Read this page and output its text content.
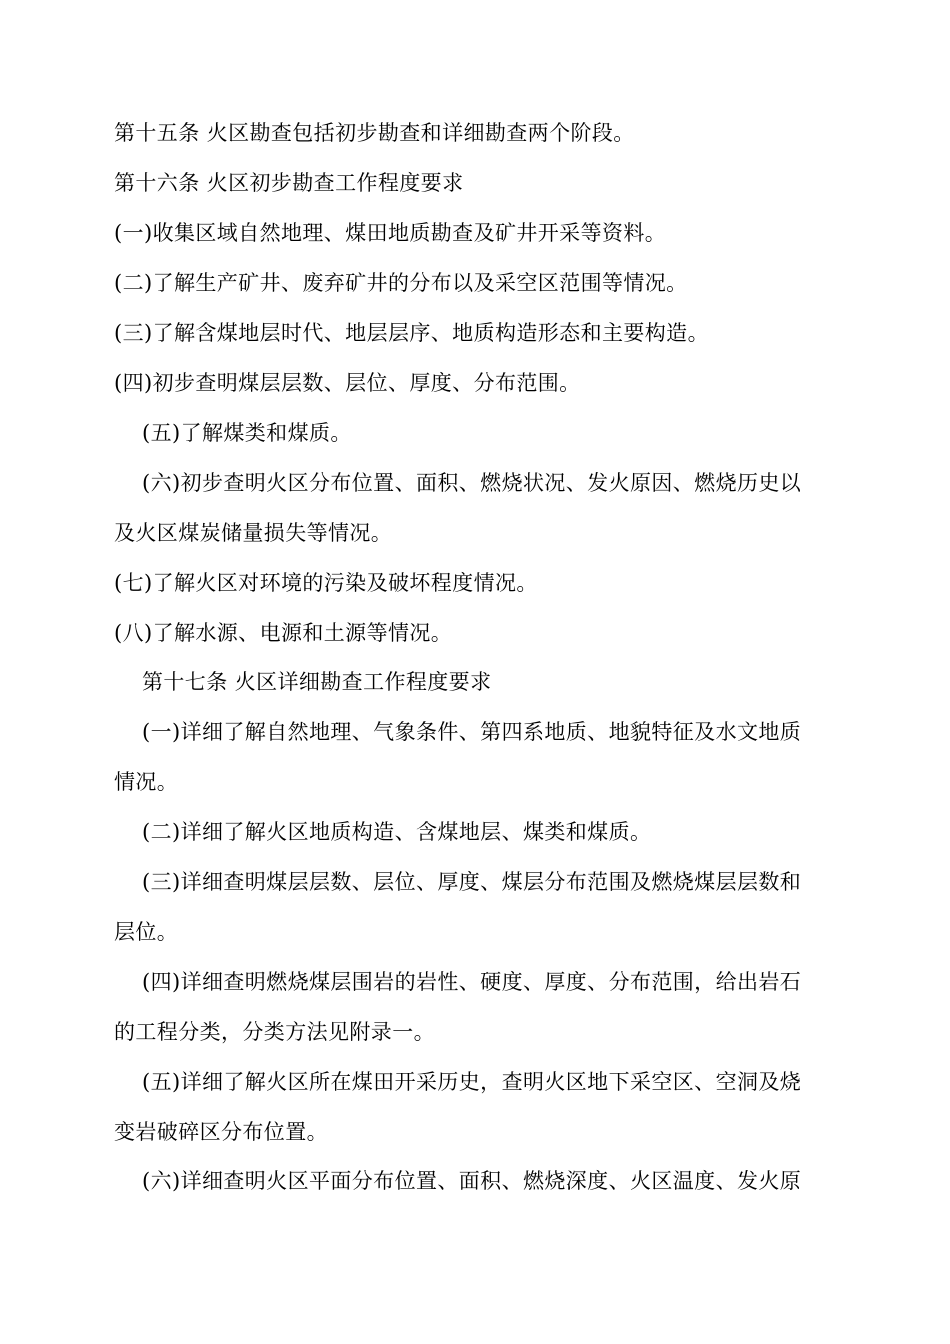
第十五条 火区勘查包括初步勘查和详细勘查两个阶段。
第十六条 火区初步勘查工作程度要求
(一)收集区域自然地理、煤田地质勘查及矿井开采等资料。
(二)了解生产矿井、废弃矿井的分布以及采空区范围等情况。
(三)了解含煤地层时代、地层层序、地质构造形态和主要构造。
(四)初步查明煤层层数、层位、厚度、分布范围。
(五)了解煤类和煤质。
(六)初步查明火区分布位置、面积、燃烧状况、发火原因、燃烧历史以
及火区煤炭储量损失等情况。
(七)了解火区对环境的污染及破坏程度情况。
(八)了解水源、电源和土源等情况。
第十七条 火区详细勘查工作程度要求
(一)详细了解自然地理、气象条件、第四系地质、地貌特征及水文地质
情况。
(二)详细了解火区地质构造、含煤地层、煤类和煤质。
(三)详细查明煤层层数、层位、厚度、煤层分布范围及燃烧煤层层数和
层位。
(四)详细查明燃烧煤层围岩的岩性、硬度、厚度、分布范围，给出岩石
的工程分类，分类方法见附录一。
(五)详细了解火区所在煤田开采历史，查明火区地下采空区、空洞及烧
变岩破碎区分布位置。
(六)详细查明火区平面分布位置、面积、燃烧深度、火区温度、发火原
